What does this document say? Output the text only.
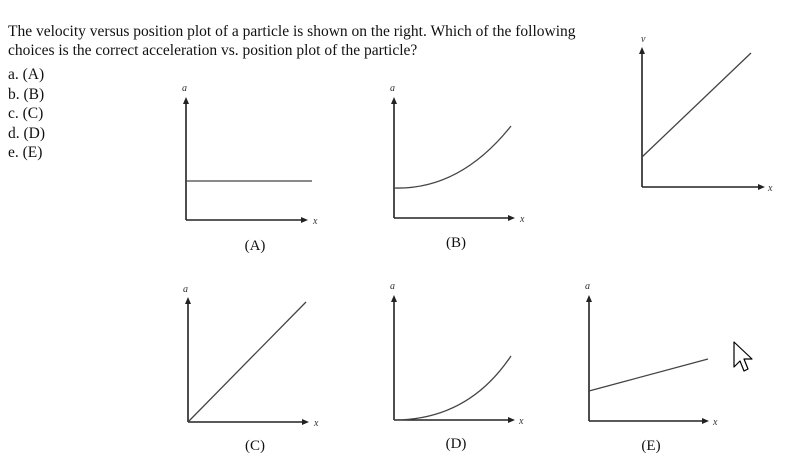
The velocity versus position plot of a particle is shown on the right. Which of the following choices is the correct acceleration vs. position plot of the particle?

a. (A)
b. (B)
c. (C)
d. (D)
e. (E)
v
x
a
x
a
x
a
x
a
x
a
x
(A)	(B)
(C)	(D)	(E)
